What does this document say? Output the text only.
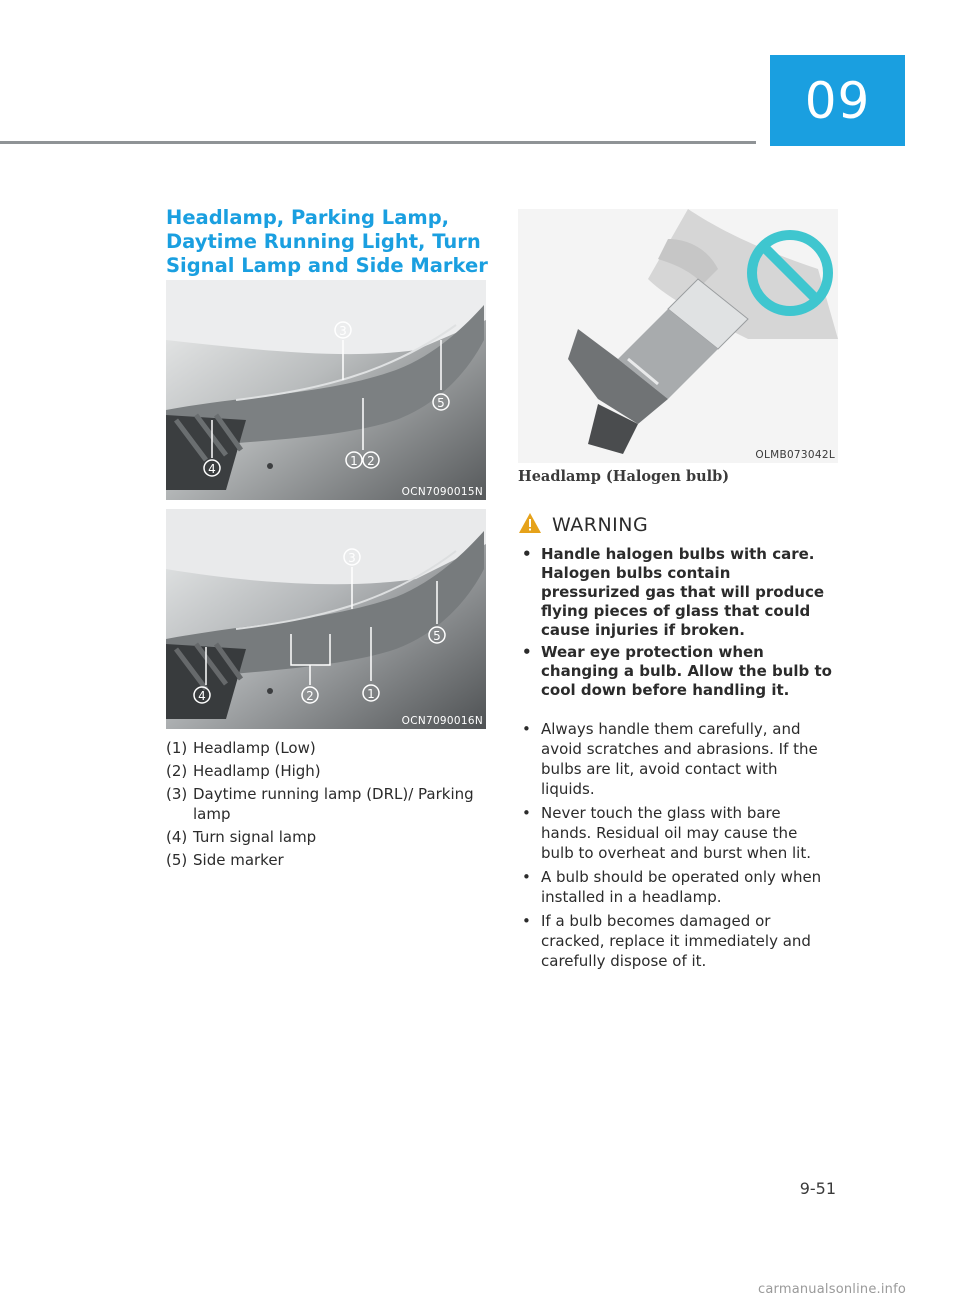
09
Headlamp, Parking Lamp, Daytime Running Light, Turn Signal Lamp and Side Marker
3
5
4
1 2
OCN7090015N
3
5
4	2	1
OCN7090016N
(1) Headlamp (Low)
(2) Headlamp (High)
(3) Daytime running lamp (DRL)/ Parking lamp
(4) Turn signal lamp
(5) Side marker
OLMB073042L

Headlamp (Halogen bulb)

WARNING
• Handle halogen bulbs with care. Halogen bulbs contain pressurized gas that will produce flying pieces of glass that could cause injuries if broken.
• Wear eye protection when changing a bulb. Allow the bulb to cool down before handling it.
• Always handle them carefully, and avoid scratches and abrasions. If the bulbs are lit, avoid contact with liquids.
• Never touch the glass with bare hands. Residual oil may cause the bulb to overheat and burst when lit.
• A bulb should be operated only when installed in a headlamp.
• If a bulb becomes damaged or cracked, replace it immediately and carefully dispose of it.
9-51
carmanualsonline.info
